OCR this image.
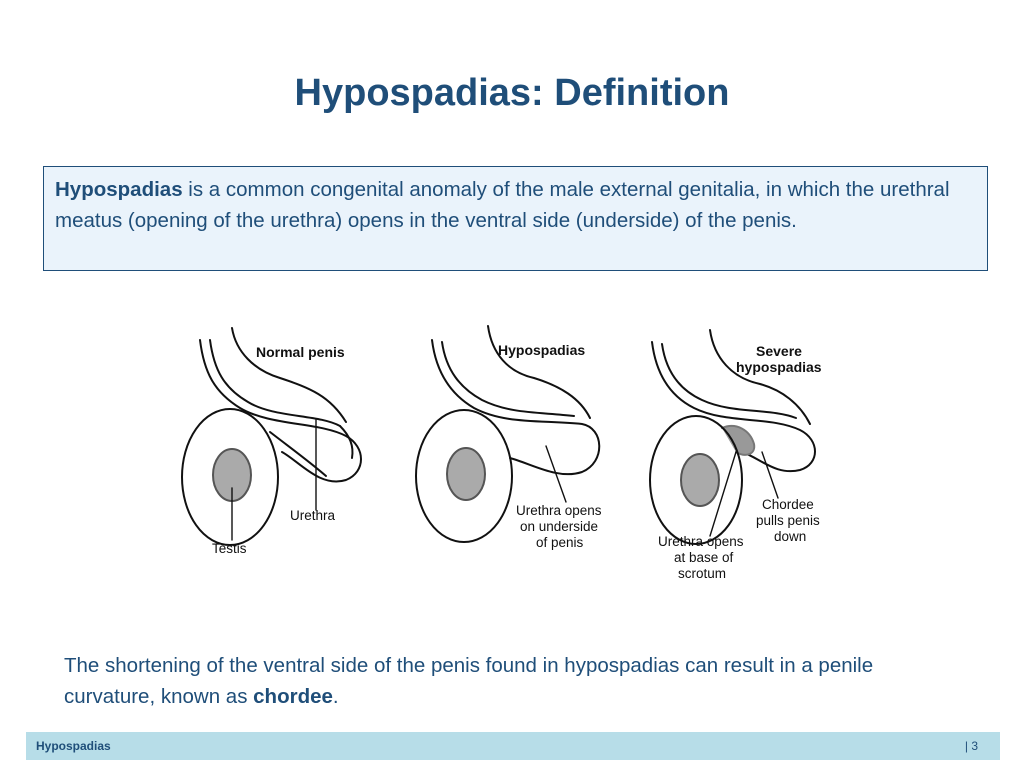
Hypospadias: Definition
Hypospadias is a common congenital anomaly of the male external genitalia, in which the urethral meatus (opening of the urethra) opens in the ventral side (underside) of the penis.
Normal penis
Testis
Urethra
Hypospadias
Urethra opens
on underside
of penis
Severe
hypospadias
Chordee
pulls penis
down
Urethra opens
at base of
scrotum
The shortening of the ventral side of the penis found in hypospadias can result in a penile curvature, known as chordee.
Hypospadias	| 3
